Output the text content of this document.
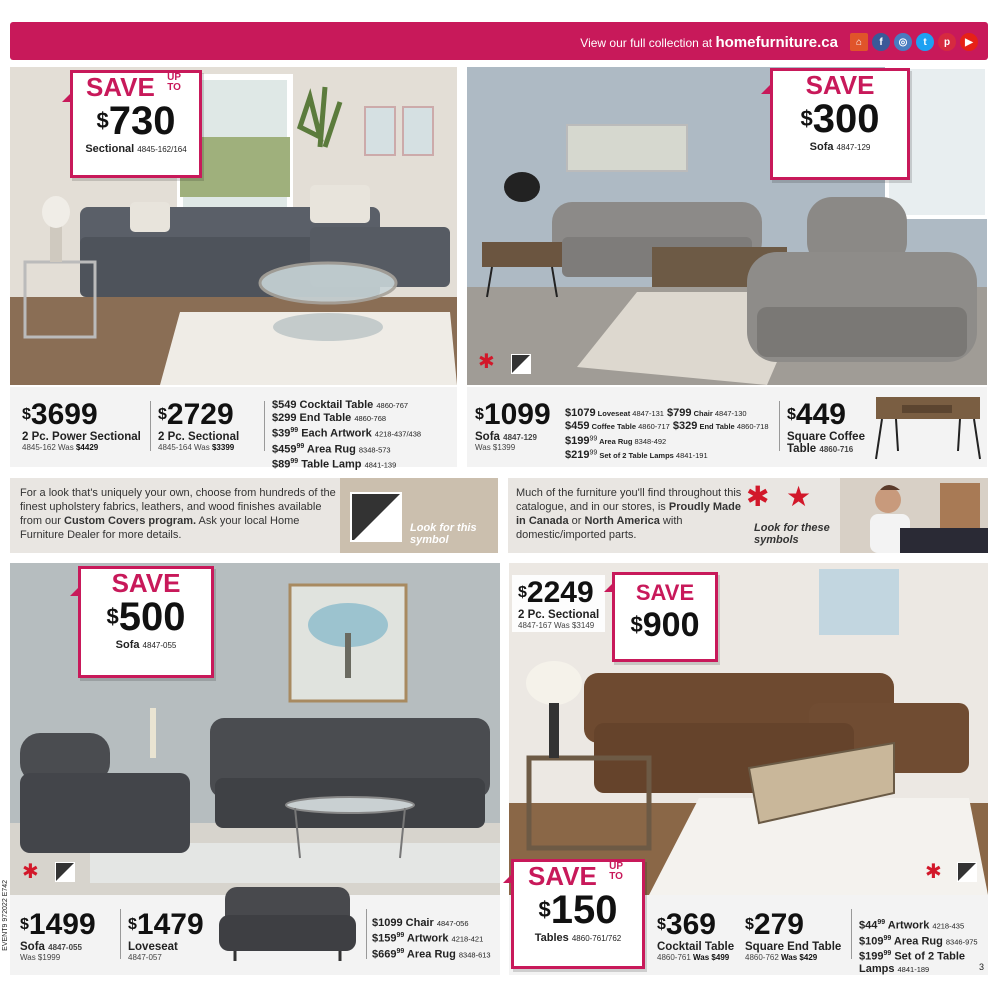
View our full collection at homefurniture.ca	⌂	f	◎	t	p	▶
SAVE UP TO
$730
Sectional 4845-162/164
$3699
2 Pc. Power Sectional
4845-162 Was $4429
$2729
2 Pc. Sectional
4845-164 Was $3399
$549 Cocktail Table 4860-767
$299 End Table 4860-768
$\$39^{99}$ Each Artwork 4218-437/438
$\$459^{99}$ Area Rug 8348-573
$\$89^{99}$ Table Lamp 4841-139
SAVE
$300
Sofa 4847-129
✱
$1099
Sofa 4847-129
Was $1399
$1079 Loveseat 4847-131 $799 Chair 4847-130
$459 Coffee Table 4860-717 $329 End Table 4860-718 $\$199^{99}$ Area Rug 8348-492
$\$219^{99}$ Set of 2 Table Lamps 4841-191
$449
Square Coffee Table 4860-716
For a look that's uniquely your own, choose from hundreds of the finest upholstery fabrics, leathers, and wood finishes available from our Custom Covers program. Ask your local Home Furniture Dealer for more details.
Look for this symbol
Much of the furniture you'll find throughout this catalogue, and in our stores, is Proudly Made in Canada or North America with domestic/imported parts.
✱ ★
Look for these symbols
SAVE
$500
Sofa 4847-055
✱
$1499
Sofa 4847-055
Was $1999
$1479
Loveseat
4847-057
$1099 Chair 4847-056
$\$159^{99}$ Artwork 4218-421
$\$669^{99}$ Area Rug 8348-613
$2249
2 Pc. Sectional
4847-167 Was $3149
SAVE
$900
✱
SAVE UP TO
$150
Tables 4860-761/762
$369
Cocktail Table
4860-761 Was $499
$279
Square End Table
4860-762 Was $429
$\$44^{99}$ Artwork 4218-435
$\$109^{99}$ Area Rug 8346-975
$\$199^{99}$ Set of 2 Table Lamps 4841-189	3
EVENT9 972022 E742
